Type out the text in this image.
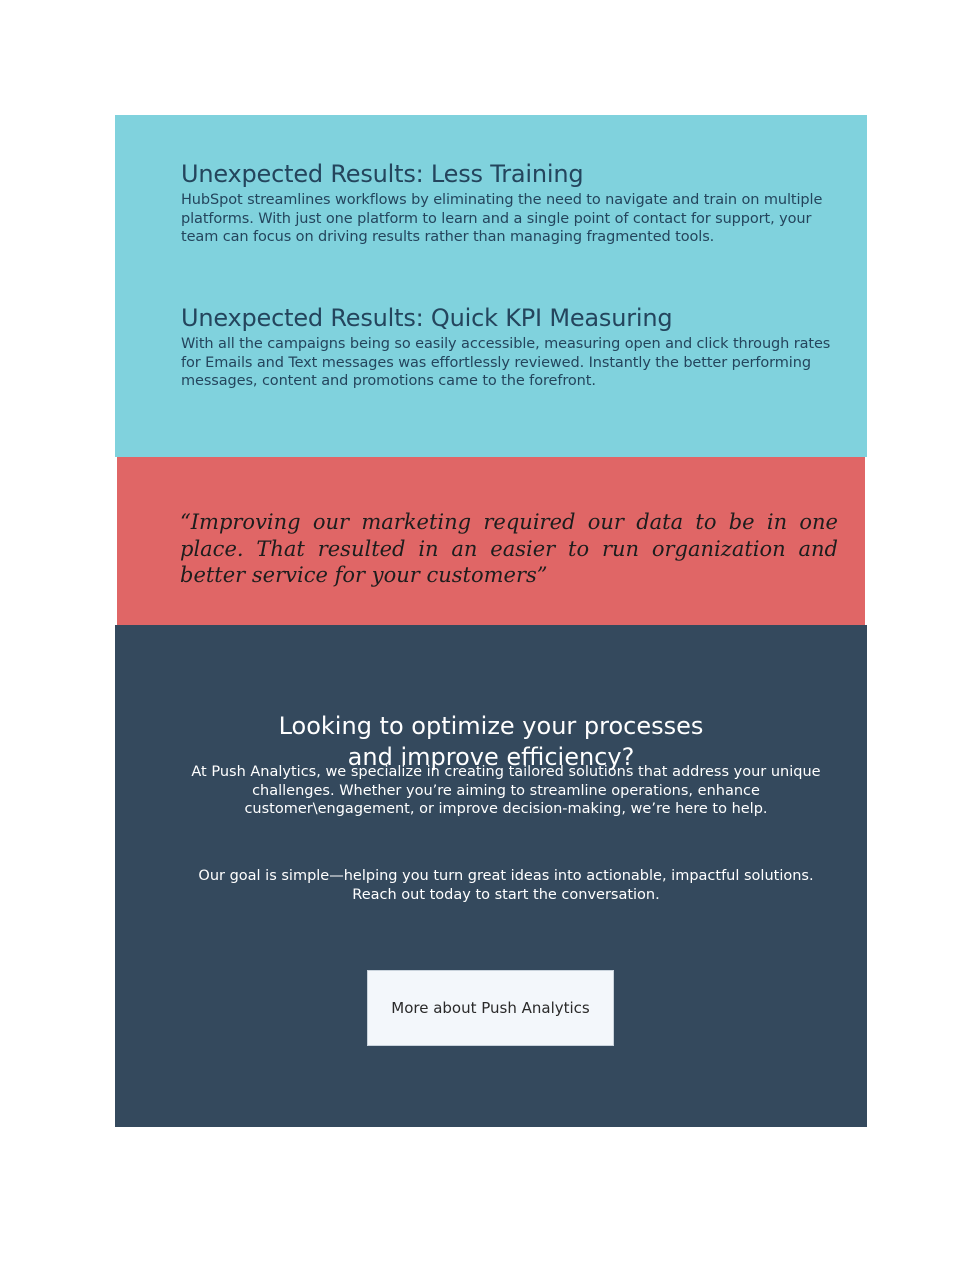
Unexpected Results: Less Training

HubSpot streamlines workflows by eliminating the need to navigate and train on multiple platforms. With just one platform to learn and a single point of contact for support, your team can focus on driving results rather than managing fragmented tools.

Unexpected Results: Quick KPI Measuring

With all the campaigns being so easily accessible, measuring open and click through rates for Emails and Text messages was effortlessly reviewed. Instantly the better performing messages, content and promotions came to the forefront.

“Improving our marketing required our data to be in one place. That resulted in an easier to run organization and better service for your customers”

Looking to optimize your processes
and improve efficiency?

At Push Analytics, we specialize in creating tailored solutions that address your unique challenges. Whether you’re aiming to streamline operations, enhance customer\engagement, or improve decision-making, we’re here to help.

Our goal is simple—helping you turn great ideas into actionable, impactful solutions. Reach out today to start the conversation.

More about Push Analytics
